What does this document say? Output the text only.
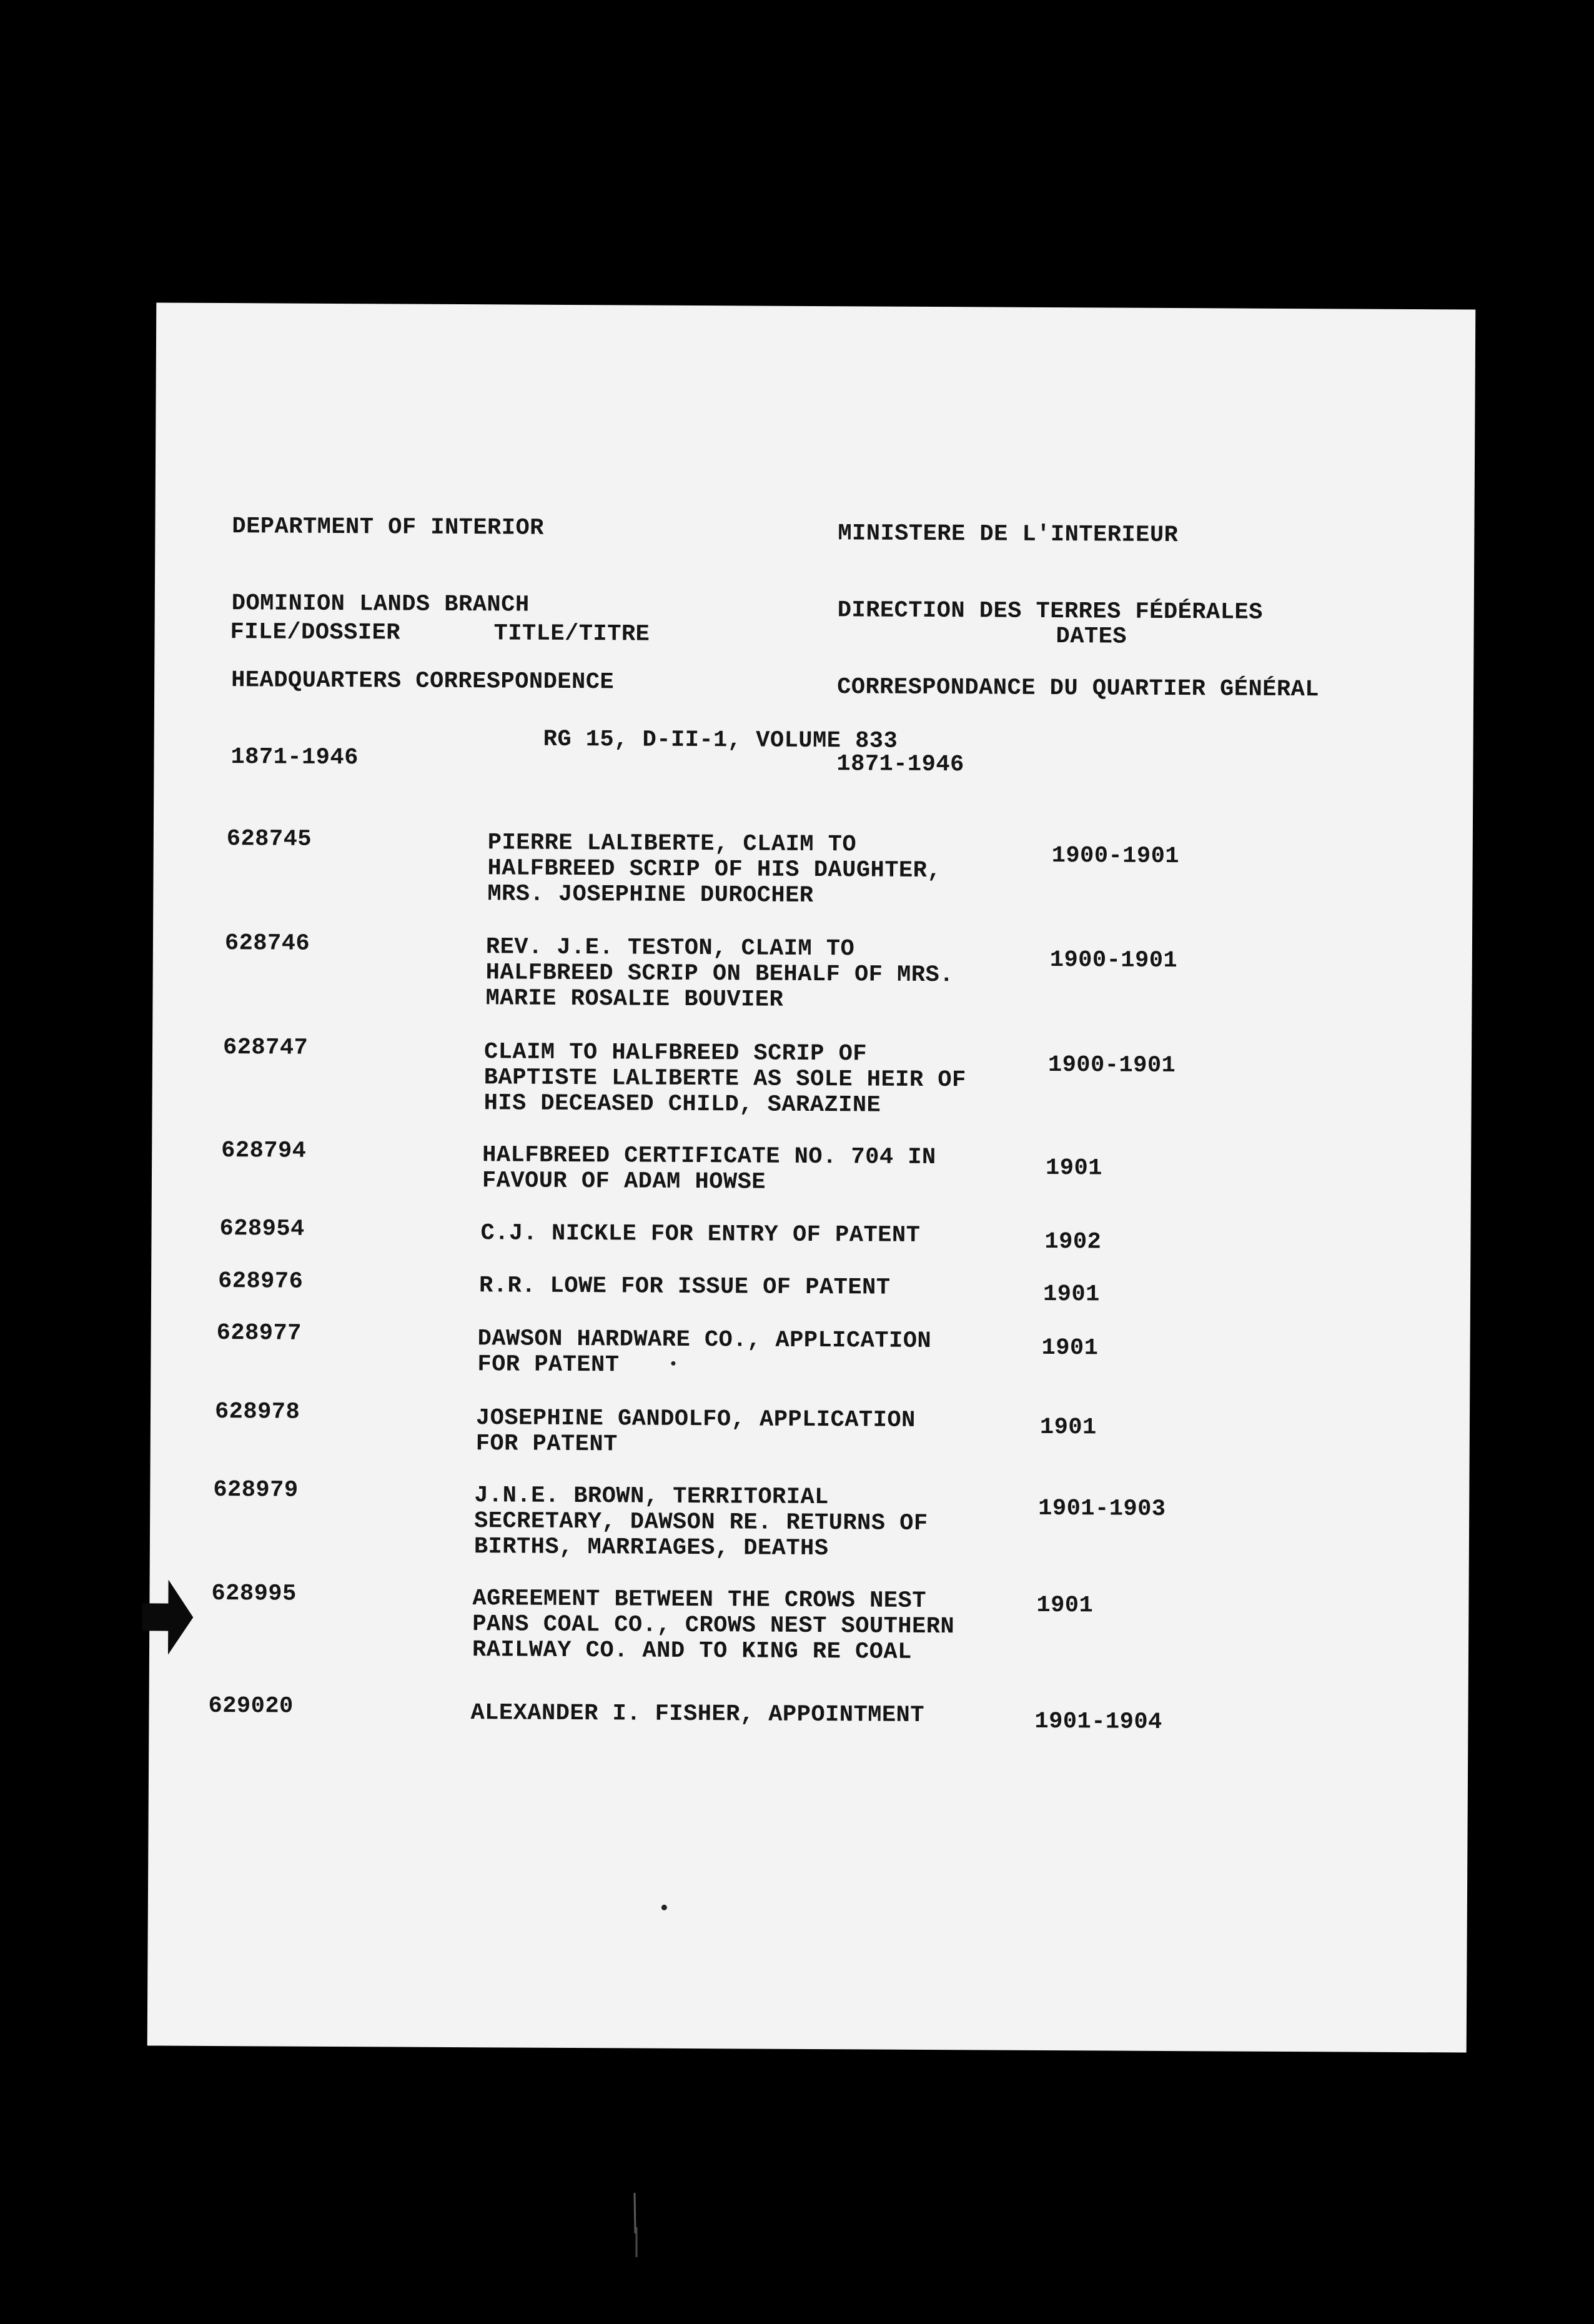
DEPARTMENT OF INTERIOR

DOMINION LANDS BRANCH

HEADQUARTERS CORRESPONDENCE

1871-1946

MINISTERE DE L'INTERIEUR

DIRECTION DES TERRES FÉDÉRALES

CORRESPONDANCE DU QUARTIER GÉNÉRAL

1871-1946

FILE/DOSSIER	TITLE/TITRE	DATES
RG 15, D-II-1, VOLUME 833
628745	PIERRE LALIBERTE, CLAIM TO
HALFBREED SCRIP OF HIS DAUGHTER,
MRS. JOSEPHINE DUROCHER
1900-1901
628746	REV. J.E. TESTON, CLAIM TO
HALFBREED SCRIP ON BEHALF OF MRS.
MARIE ROSALIE BOUVIER
1900-1901
628747	CLAIM TO HALFBREED SCRIP OF
BAPTISTE LALIBERTE AS SOLE HEIR OF
HIS DECEASED CHILD, SARAZINE
1900-1901
628794	HALFBREED CERTIFICATE NO. 704 IN
FAVOUR OF ADAM HOWSE	1901
628954	C.J. NICKLE FOR ENTRY OF PATENT	1902
628976	R.R. LOWE FOR ISSUE OF PATENT	1901
628977	DAWSON HARDWARE CO., APPLICATION
FOR PATENT
1901
628978	JOSEPHINE GANDOLFO, APPLICATION
FOR PATENT
1901
628979	J.N.E. BROWN, TERRITORIAL
SECRETARY, DAWSON RE. RETURNS OF
BIRTHS, MARRIAGES, DEATHS
1901-1903
628995	AGREEMENT BETWEEN THE CROWS NEST
PANS COAL CO., CROWS NEST SOUTHERN
RAILWAY CO. AND TO KING RE COAL
1901
629020	ALEXANDER I. FISHER, APPOINTMENT	1901-1904
